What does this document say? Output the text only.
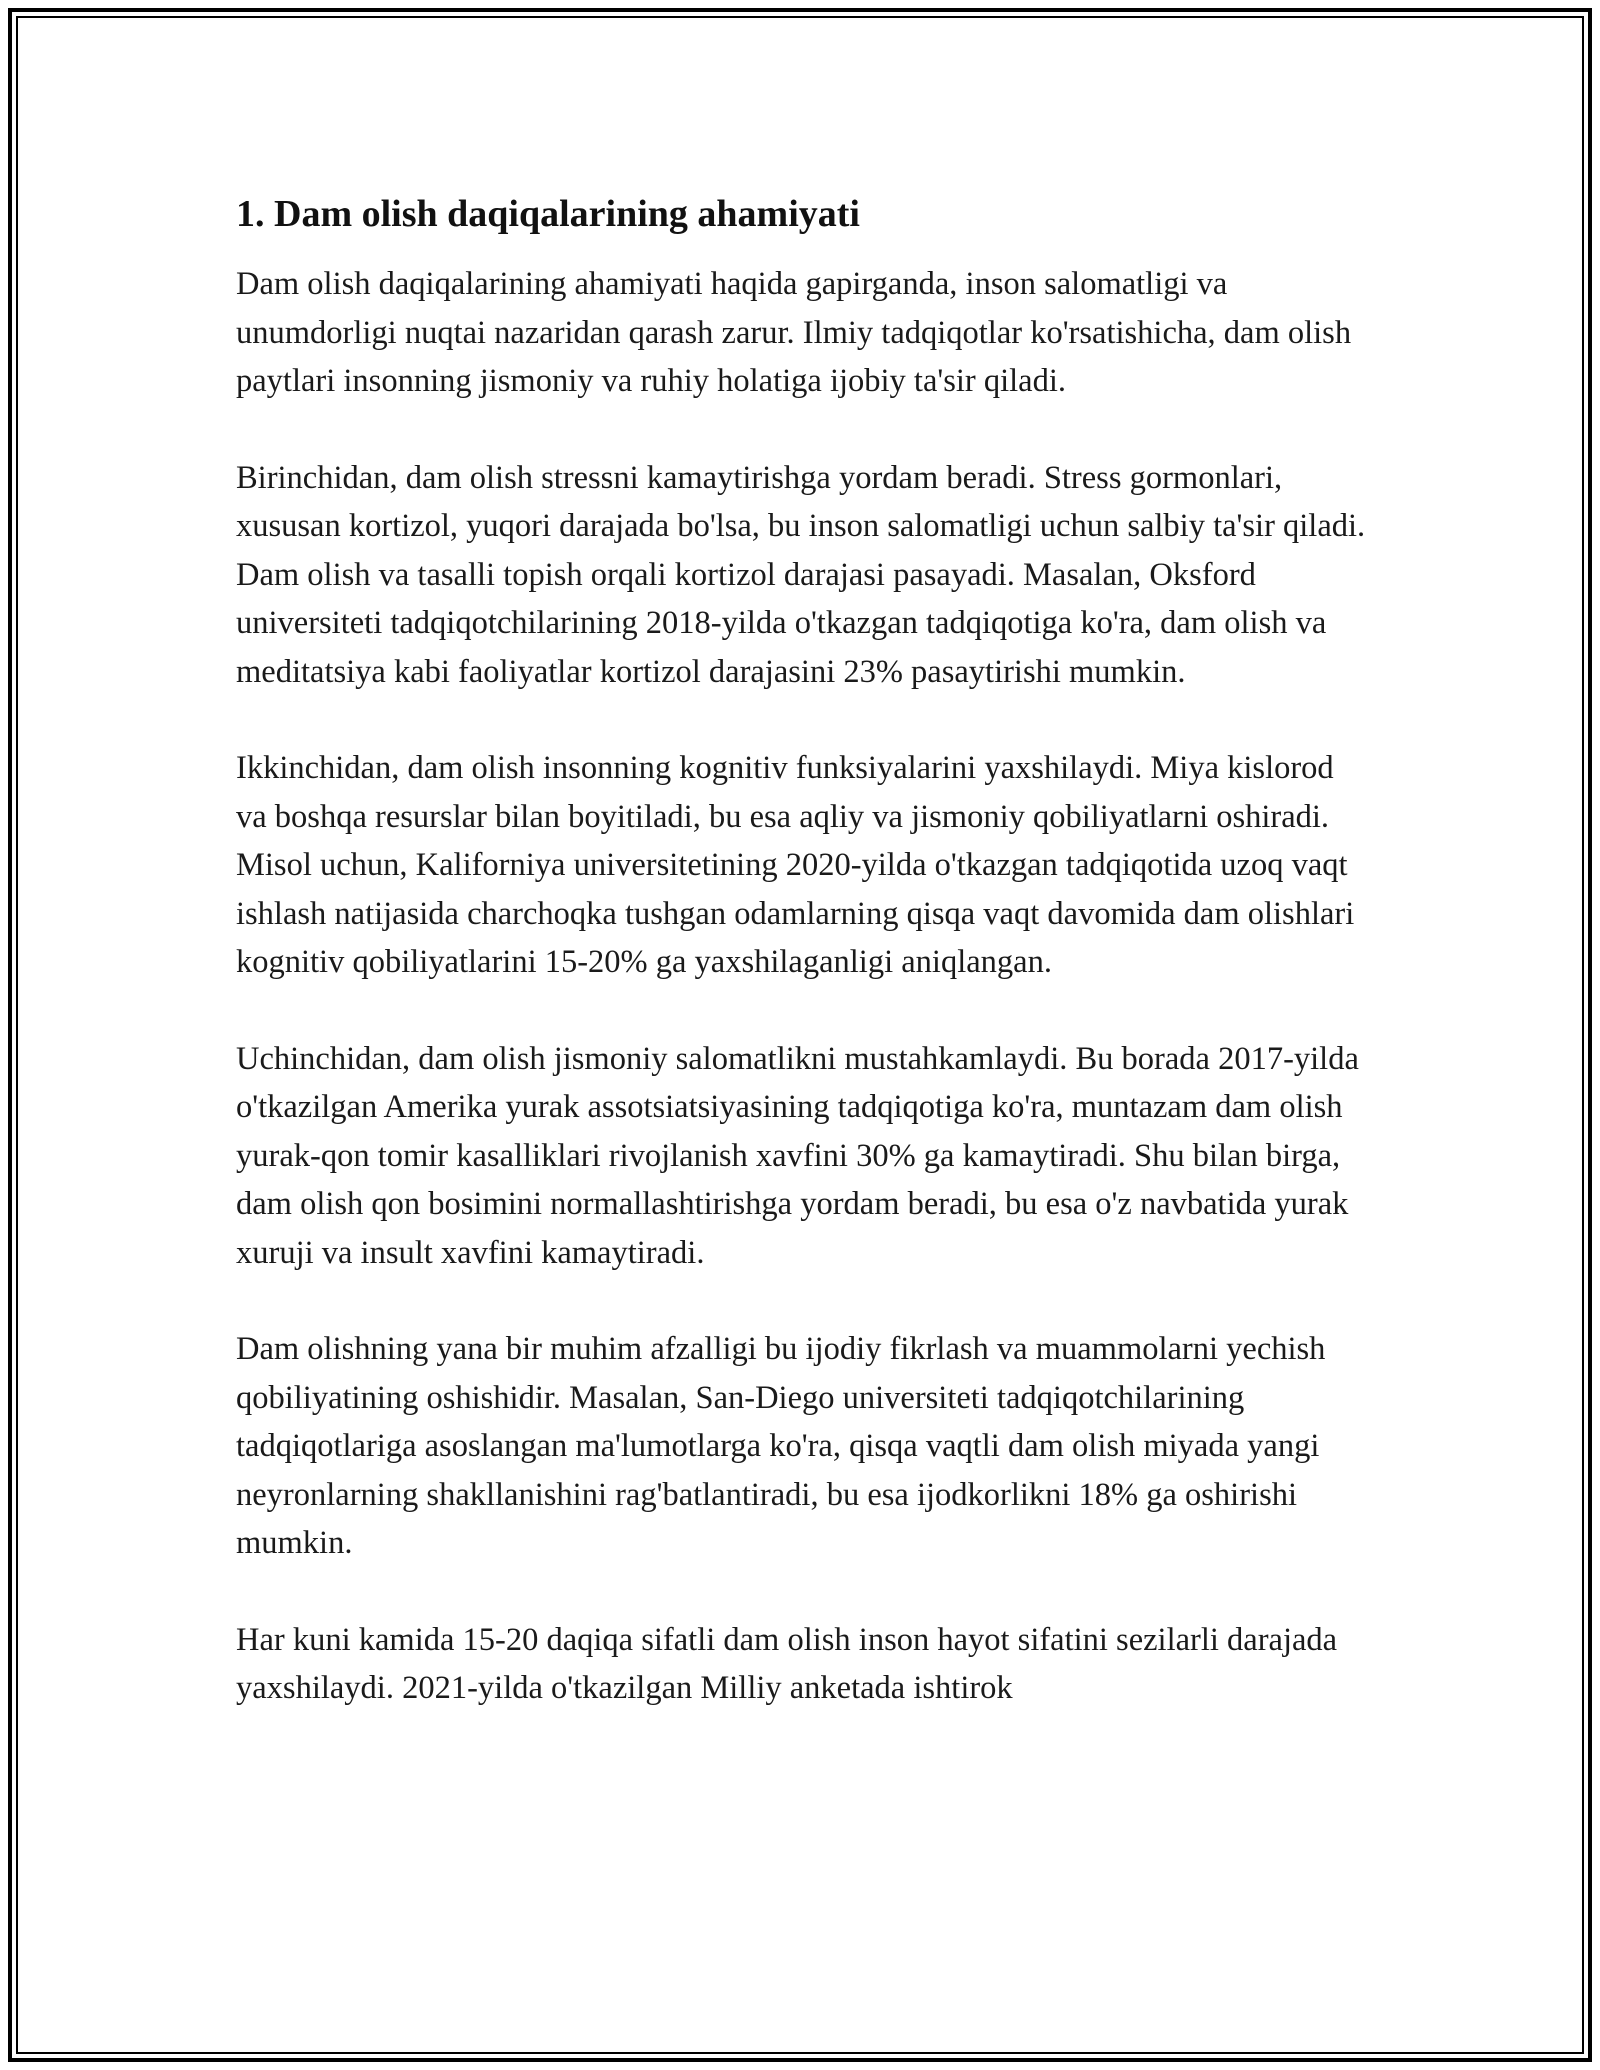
1. Dam olish daqiqalarining ahamiyati

Dam olish daqiqalarining ahamiyati haqida gapirganda, inson salomatligi va unumdorligi nuqtai nazaridan qarash zarur. Ilmiy tadqiqotlar ko'rsatishicha, dam olish paytlari insonning jismoniy va ruhiy holatiga ijobiy ta'sir qiladi.

Birinchidan, dam olish stressni kamaytirishga yordam beradi. Stress gormonlari, xususan kortizol, yuqori darajada bo'lsa, bu inson salomatligi uchun salbiy ta'sir qiladi. Dam olish va tasalli topish orqali kortizol darajasi pasayadi. Masalan, Oksford universiteti tadqiqotchilarining 2018-yilda o'tkazgan tadqiqotiga ko'ra, dam olish va meditatsiya kabi faoliyatlar kortizol darajasini 23% pasaytirishi mumkin.

Ikkinchidan, dam olish insonning kognitiv funksiyalarini yaxshilaydi. Miya kislorod va boshqa resurslar bilan boyitiladi, bu esa aqliy va jismoniy qobiliyatlarni oshiradi. Misol uchun, Kaliforniya universitetining 2020-yilda o'tkazgan tadqiqotida uzoq vaqt ishlash natijasida charchoqka tushgan odamlarning qisqa vaqt davomida dam olishlari kognitiv qobiliyatlarini 15-20% ga yaxshilaganligi aniqlangan.

Uchinchidan, dam olish jismoniy salomatlikni mustahkamlaydi. Bu borada 2017-yilda o'tkazilgan Amerika yurak assotsiatsiyasining tadqiqotiga ko'ra, muntazam dam olish yurak-qon tomir kasalliklari rivojlanish xavfini 30% ga kamaytiradi. Shu bilan birga, dam olish qon bosimini normallashtirishga yordam beradi, bu esa o'z navbatida yurak xuruji va insult xavfini kamaytiradi.

Dam olishning yana bir muhim afzalligi bu ijodiy fikrlash va muammolarni yechish qobiliyatining oshishidir. Masalan, San-Diego universiteti tadqiqotchilarining tadqiqotlariga asoslangan ma'lumotlarga ko'ra, qisqa vaqtli dam olish miyada yangi neyronlarning shakllanishini rag'batlantiradi, bu esa ijodkorlikni 18% ga oshirishi mumkin.

Har kuni kamida 15-20 daqiqa sifatli dam olish inson hayot sifatini sezilarli darajada yaxshilaydi. 2021-yilda o'tkazilgan Milliy anketada ishtirok
